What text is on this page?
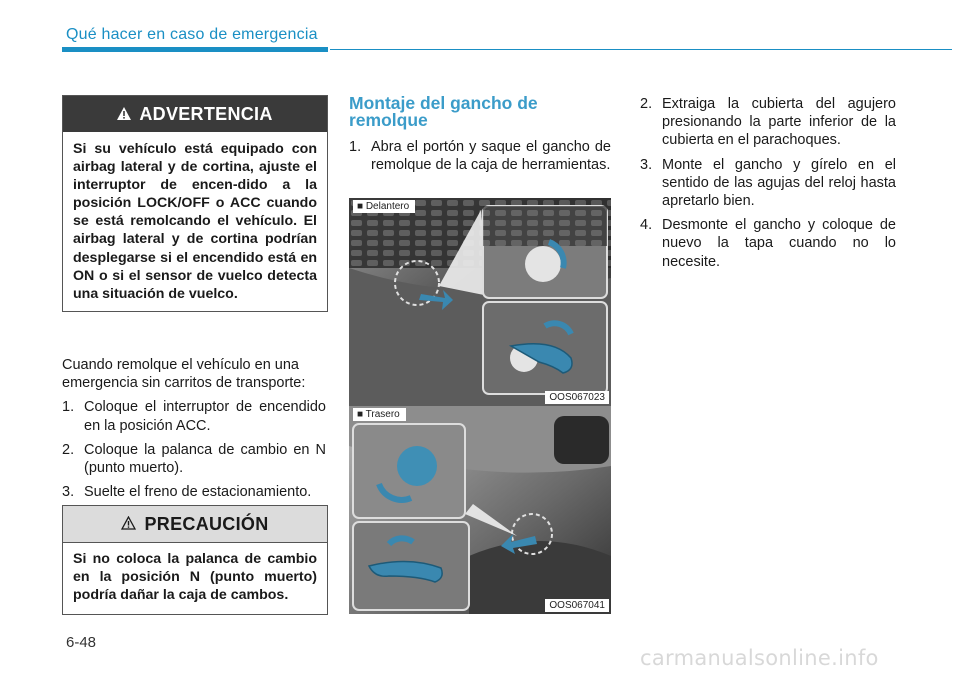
Qué hacer en caso de emergencia
ADVERTENCIA
Si su vehículo está equipado con airbag lateral y de cortina, ajuste el interruptor de encen-dido a la posición LOCK/OFF o ACC cuando se está remolcando el vehículo. El airbag lateral y de cortina podrían desplegarse si el encendido está en ON o si el sensor de vuelco detecta una situación de vuelco.
Cuando remolque el vehículo en una emergencia sin carritos de transporte:
1. Coloque el interruptor de encendido en la posición ACC.
2. Coloque la palanca de cambio en N (punto muerto).
3. Suelte el freno de estacionamiento.
PRECAUCIÓN
Si no coloca la palanca de cambio en la posición N (punto muerto) podría dañar la caja de cambos.
Montaje del gancho de remolque
1. Abra el portón y saque el gancho de remolque de la caja de herramientas.
■ Delantero
OOS067023
■ Trasero
OOS067041
2. Extraiga la cubierta del agujero presionando la parte inferior de la cubierta en el parachoques.
3. Monte el gancho y gírelo en el sentido de las agujas del reloj hasta apretarlo bien.
4. Desmonte el gancho y coloque de nuevo la tapa cuando no lo necesite.
6-48
carmanualsonline.info
